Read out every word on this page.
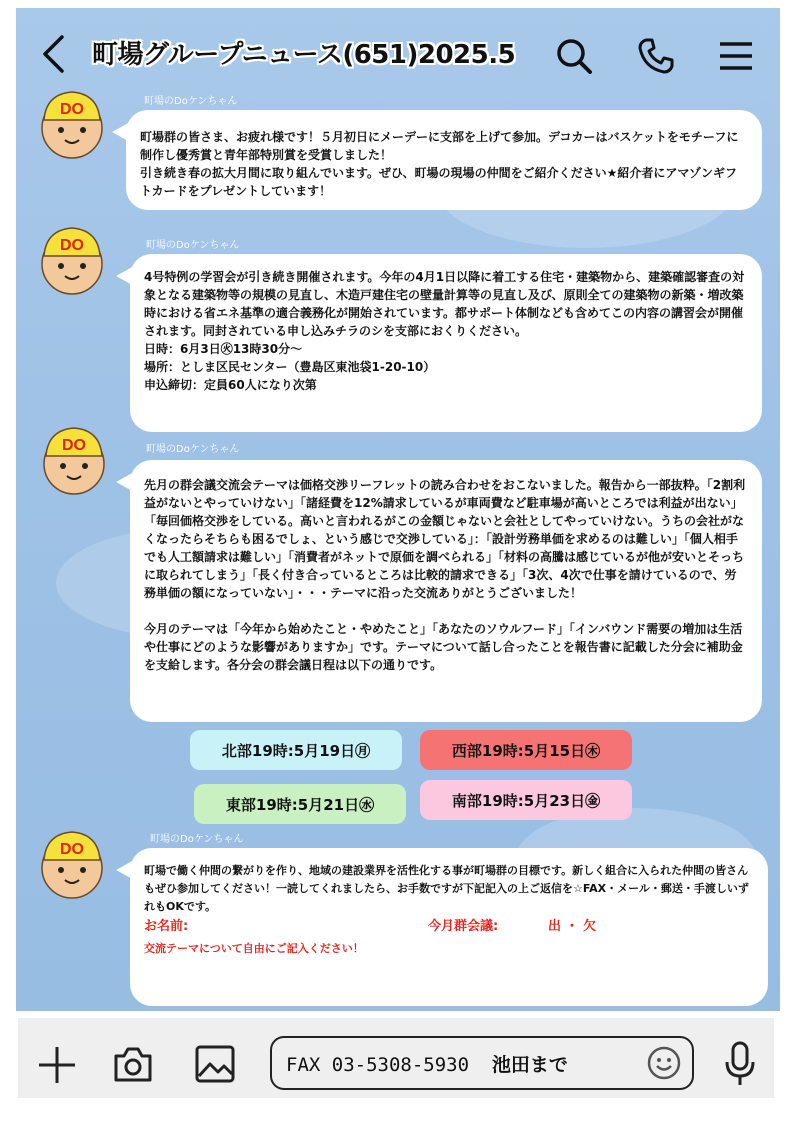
町場グループニュース(651)2025.5
DO	町場のDoケンちゃん

町場群の皆さま、お疲れ様です！５月初日にメーデーに支部を上げて参加。デコカーはバスケットをモチーフに制作し優秀賞と青年部特別賞を受賞しました！

引き続き春の拡大月間に取り組んでいます。ぜひ、町場の現場の仲間をご紹介ください★紹介者にアマゾンギフトカードをプレゼントしています！

DO	町場のDoケンちゃん

4号特例の学習会が引き続き開催されます。今年の4月1日以降に着工する住宅・建築物から、建築確認審査の対象となる建築物等の規模の見直し、木造戸建住宅の壁量計算等の見直し及び、原則全ての建築物の新築・増改築時における省エネ基準の適合義務化が開始されています。都サポート体制なども含めてこの内容の講習会が開催されます。同封されている申し込みチラのシを支部におくりください。

日時：6月3日㊋13時30分～

場所：としま区民センター（豊島区東池袋1-20-10）

申込締切：定員60人になり次第

DO	町場のDoケンちゃん

先月の群会議交流会テーマは価格交渉リーフレットの読み合わせをおこないました。報告から一部抜粋。「2割利益がないとやっていけない」「諸経費を12%請求しているが車両費など駐車場が高いところでは利益が出ない」「毎回価格交渉をしている。高いと言われるがこの金額じゃないと会社としてやっていけない。うちの会社がなくなったらそちらも困るでしょ、という感じで交渉している」：「設計労務単価を求めるのは難しい」「個人相手でも人工額請求は難しい」「消費者がネットで原価を調べられる」「材料の高騰は感じているが他が安いとそっちに取られてしまう」「長く付き合っているところは比較的請求できる」「3次、4次で仕事を請けているので、労務単価の額になっていない」・・・テーマに沿った交流ありがとうございました！

今月のテーマは「今年から始めたこと・やめたこと」「あなたのソウルフード」「インバウンド需要の増加は生活や仕事にどのような影響がありますか」です。テーマについて話し合ったことを報告書に記載した分会に補助金を支給します。各分会の群会議日程は以下の通りです。

北部19時:5月19日㊊	西部19時:5月15日㊍
東部19時:5月21日㊌	南部19時:5月23日㊎
DO
町場のDoケンちゃん

町場で働く仲間の繋がりを作り、地域の建設業界を活性化する事が町場群の目標です。新しく組合に入られた仲間の皆さんもぜひ参加してください！一読してくれましたら、お手数ですが下記記入の上ご返信を☆FAX・メール・郵送・手渡しいずれもOKです。

お名前:	今月群会議:	出 ・ 欠

交流テーマについて自由にご記入ください！

FAX 03-5308-5930 池田まで
